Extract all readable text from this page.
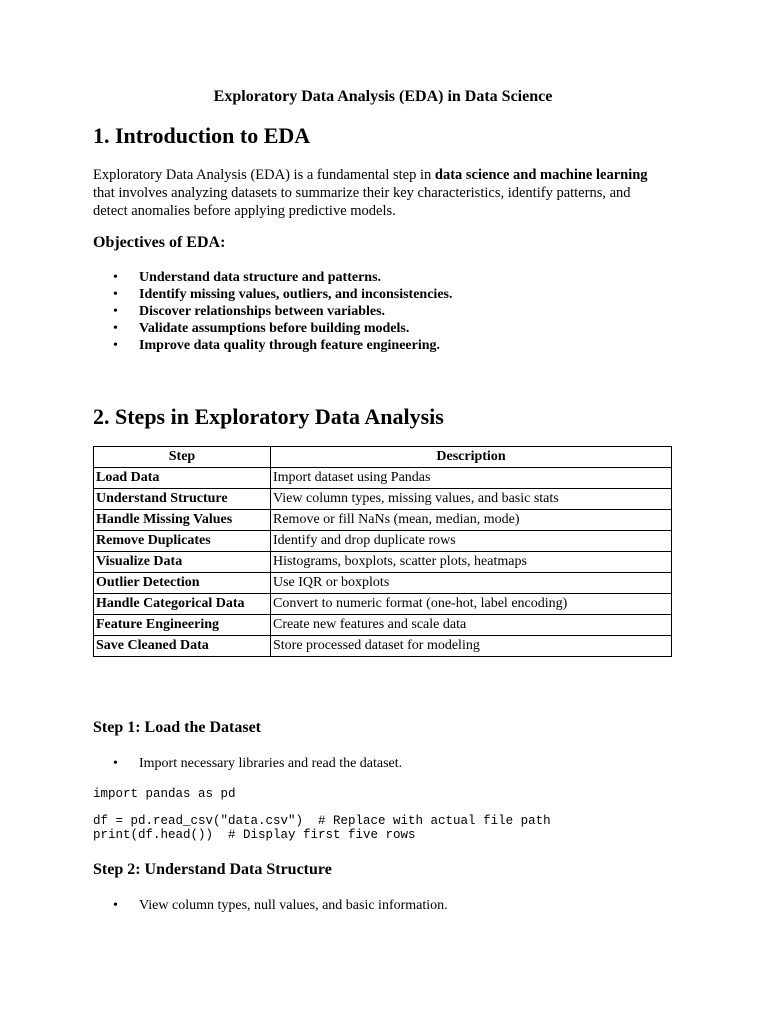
Exploratory Data Analysis (EDA) in Data Science
1. Introduction to EDA
Exploratory Data Analysis (EDA) is a fundamental step in data science and machine learning that involves analyzing datasets to summarize their key characteristics, identify patterns, and detect anomalies before applying predictive models.
Objectives of EDA:
• Understand data structure and patterns.
• Identify missing values, outliers, and inconsistencies.
• Discover relationships between variables.
• Validate assumptions before building models.
• Improve data quality through feature engineering.
2. Steps in Exploratory Data Analysis
Step	Description
Load Data	Import dataset using Pandas
Understand Structure	View column types, missing values, and basic stats
Handle Missing Values	Remove or fill NaNs (mean, median, mode)
Remove Duplicates	Identify and drop duplicate rows
Visualize Data	Histograms, boxplots, scatter plots, heatmaps
Outlier Detection	Use IQR or boxplots
Handle Categorical Data	Convert to numeric format (one-hot, label encoding)
Feature Engineering	Create new features and scale data
Save Cleaned Data	Store processed dataset for modeling
Step 1: Load the Dataset
• Import necessary libraries and read the dataset.
import pandas as pd

df = pd.read_csv("data.csv")  # Replace with actual file path
print(df.head())  # Display first five rows
Step 2: Understand Data Structure
• View column types, null values, and basic information.
